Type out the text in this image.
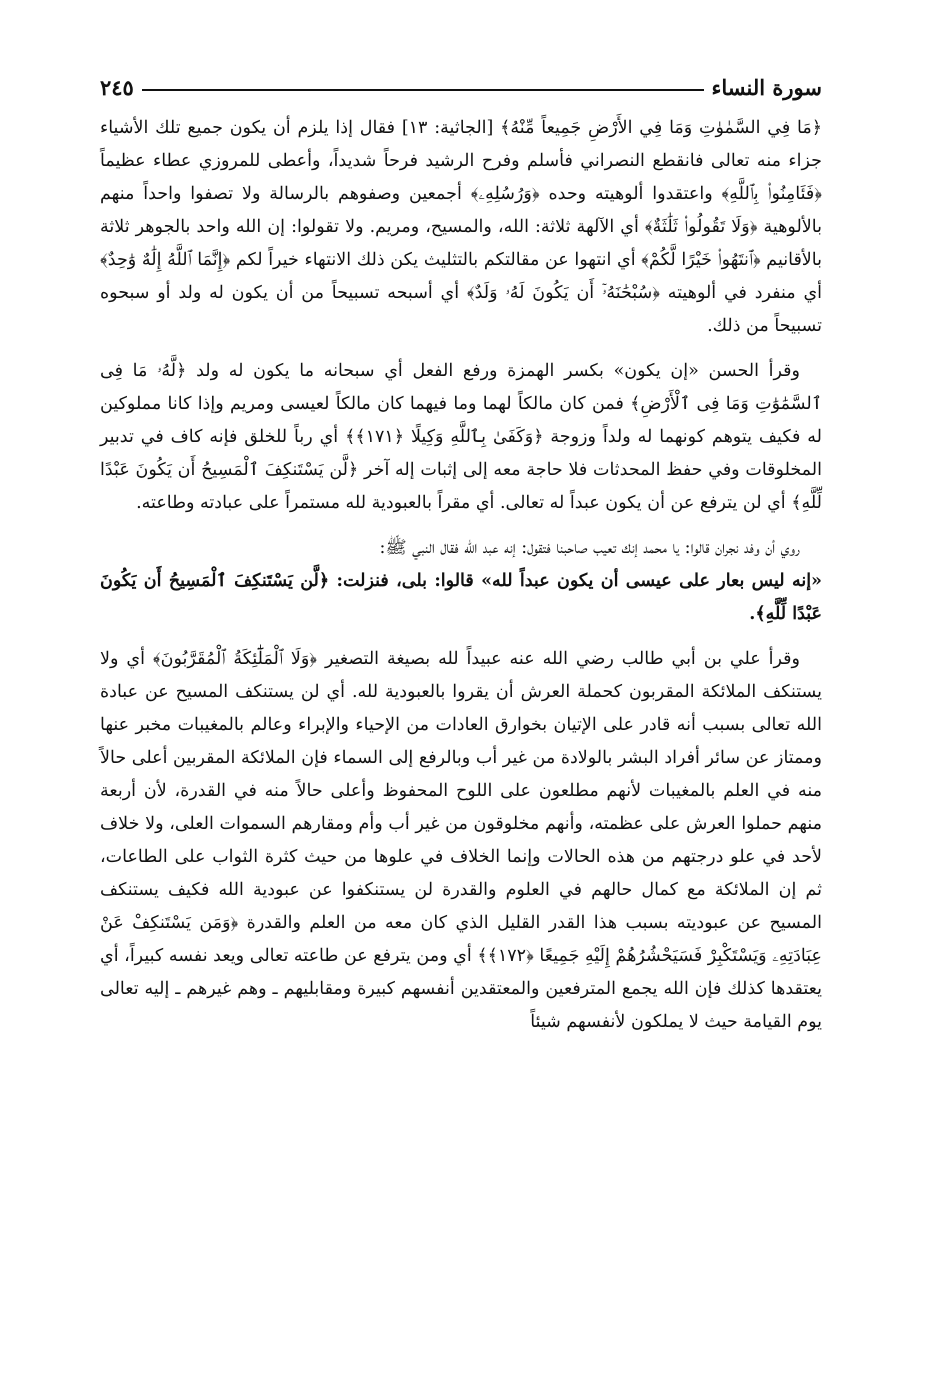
سورة النساء
٢٤٥

﴿مَا فِي السَّمٰوٰتِ وَمَا فِي الأَرْضِ جَمِيعاً مِّنْهُ﴾ [الجاثية: ١٣] فقال إذا يلزم أن يكون جميع تلك الأشياء جزاء منه تعالى فانقطع النصراني فأسلم وفرح الرشيد فرحاً شديداً، وأعطى للمروزي عطاء عظيماً ﴿فَئَامِنُوا۟ بِٱللَّهِ﴾ واعتقدوا ألوهيته وحده ﴿وَرُسُلِهِۦ﴾ أجمعين وصفوهم بالرسالة ولا تصفوا واحداً منهم بالألوهية ﴿وَلَا تَقُولُوا۟ ثَلَٰثَةٌ﴾ أي الآلهة ثلاثة: الله، والمسيح، ومريم. ولا تقولوا: إن الله واحد بالجوهر ثلاثة بالأقانيم ﴿ٱنتَهُوا۟ خَيْرًا لَّكُمْ﴾ أي انتهوا عن مقالتكم بالتثليث يكن ذلك الانتهاء خيراً لكم ﴿إِنَّمَا ٱللَّهُ إِلَٰهٌ وَٰحِدٌ﴾ أي منفرد في ألوهيته ﴿سُبْحَٰنَهُۥٓ أَن يَكُونَ لَهُۥ وَلَدٌ﴾ أي أسبحه تسبيحاً من أن يكون له ولد أو سبحوه تسبيحاً من ذلك.

وقرأ الحسن «إن يكون» بكسر الهمزة ورفع الفعل أي سبحانه ما يكون له ولد ﴿لَّهُۥ مَا فِى ٱلسَّمَٰوَٰتِ وَمَا فِى ٱلْأَرْضِ﴾ فمن كان مالكاً لهما وما فيهما كان مالكاً لعيسى ومريم وإذا كانا مملوكين له فكيف يتوهم كونهما له ولداً وزوجة ﴿وَكَفَىٰ بِٱللَّهِ وَكِيلًا ﴿١٧١﴾﴾ أي رباً للخلق فإنه كاف في تدبير المخلوقات وفي حفظ المحدثات فلا حاجة معه إلى إثبات إله آخر ﴿لَّن يَسْتَنكِفَ ٱلْمَسِيحُ أَن يَكُونَ عَبْدًا لِّلَّهِ﴾ أي لن يترفع عن أن يكون عبداً له تعالى. أي مقراً بالعبودية لله مستمراً على عبادته وطاعته.

روي أن وفد نجران قالوا: يا محمد إنك تعيب صاحبنا فتقول: إنه عبد الله فقال النبي ﷺ:

«إنه ليس بعار على عيسى أن يكون عبداً لله» قالوا: بلى، فنزلت: ﴿لَّن يَسْتَنكِفَ ٱلْمَسِيحُ أَن يَكُونَ عَبْدًا لِّلَّهِ﴾.

وقرأ علي بن أبي طالب رضي الله عنه عبيداً لله بصيغة التصغير ﴿وَلَا ٱلْمَلَٰٓئِكَةُ ٱلْمُقَرَّبُونَ﴾ أي ولا يستنكف الملائكة المقربون كحملة العرش أن يقروا بالعبودية لله. أي لن يستنكف المسيح عن عبادة الله تعالى بسبب أنه قادر على الإتيان بخوارق العادات من الإحياء والإبراء وعالم بالمغيبات مخبر عنها وممتاز عن سائر أفراد البشر بالولادة من غير أب وبالرفع إلى السماء فإن الملائكة المقربين أعلى حالاً منه في العلم بالمغيبات لأنهم مطلعون على اللوح المحفوظ وأعلى حالاً منه في القدرة، لأن أربعة منهم حملوا العرش على عظمته، وأنهم مخلوقون من غير أب وأم ومقارهم السموات العلى، ولا خلاف لأحد في علو درجتهم من هذه الحالات وإنما الخلاف في علوها من حيث كثرة الثواب على الطاعات، ثم إن الملائكة مع كمال حالهم في العلوم والقدرة لن يستنكفوا عن عبودية الله فكيف يستنكف المسيح عن عبوديته بسبب هذا القدر القليل الذي كان معه من العلم والقدرة ﴿وَمَن يَسْتَنكِفْ عَنْ عِبَادَتِهِۦ وَيَسْتَكْبِرْ فَسَيَحْشُرُهُمْ إِلَيْهِ جَمِيعًا ﴿١٧٢﴾﴾ أي ومن يترفع عن طاعته تعالى ويعد نفسه كبيراً، أي يعتقدها كذلك فإن الله يجمع المترفعين والمعتقدين أنفسهم كبيرة ومقابليهم ـ وهم غيرهم ـ إليه تعالى يوم القيامة حيث لا يملكون لأنفسهم شيئاً
